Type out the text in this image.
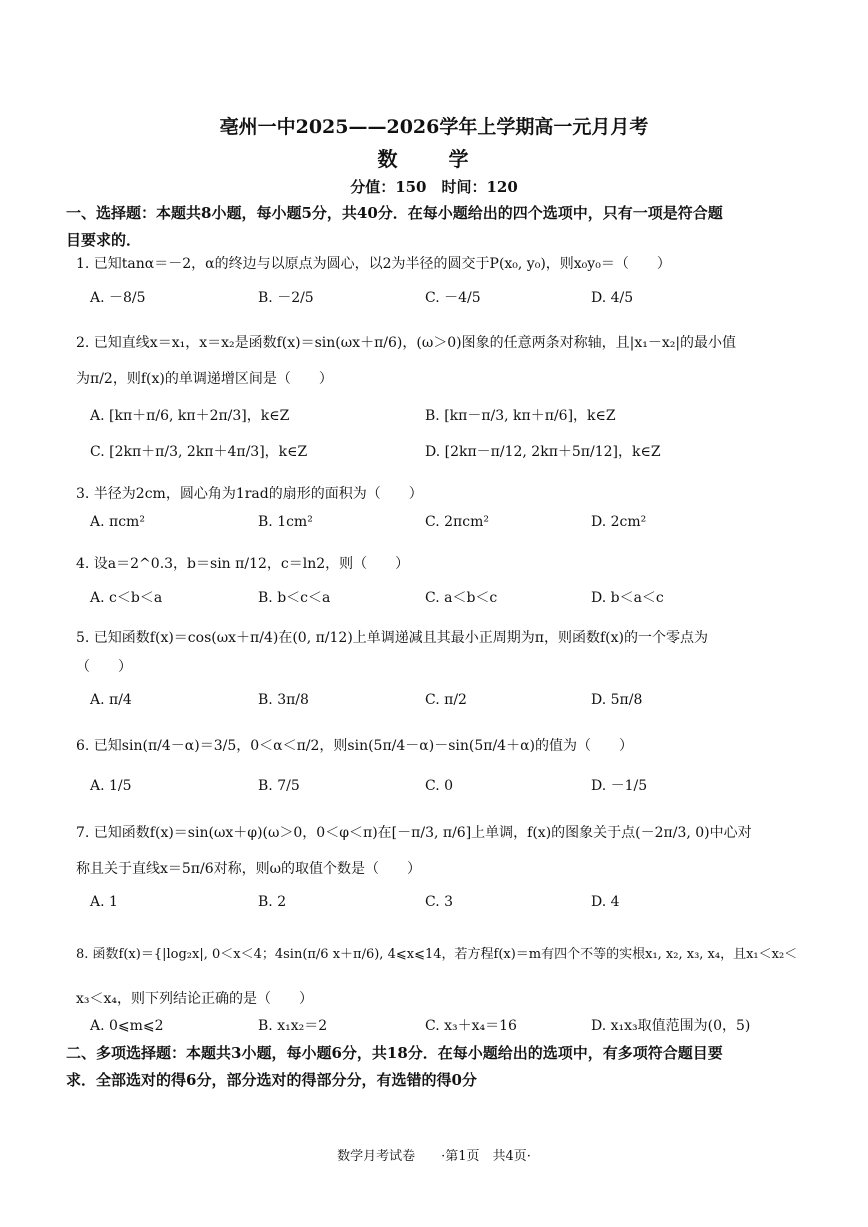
亳州一中2025——2026学年上学期高一元月月考
数 学
分值：150　时间：120
一、选择题：本题共8小题，每小题5分，共40分．在每小题给出的四个选项中，只有一项是符合题
目要求的．
1. 已知tanα＝－2，α的终边与以原点为圆心，以2为半径的圆交于P(x₀, y₀)，则x₀y₀＝（　　）
A. －8/5	B. －2/5	C. －4/5	D. 4/5
2. 已知直线x＝x₁，x＝x₂是函数f(x)＝sin(ωx＋π/6)，(ω＞0)图象的任意两条对称轴，且|x₁－x₂|的最小值
为π/2，则f(x)的单调递增区间是（　　）
A. [kπ＋π/6, kπ＋2π/3]，k∈Z	B. [kπ－π/3, kπ＋π/6]，k∈Z
C. [2kπ＋π/3, 2kπ＋4π/3]，k∈Z	D. [2kπ－π/12, 2kπ＋5π/12]，k∈Z
3. 半径为2cm，圆心角为1rad的扇形的面积为（　　）
A. πcm²	B. 1cm²	C. 2πcm²	D. 2cm²
4. 设a＝2^0.3，b＝sin π/12，c＝ln2，则（　　）
A. c＜b＜a	B. b＜c＜a	C. a＜b＜c	D. b＜a＜c
5. 已知函数f(x)＝cos(ωx＋π/4)在(0, π/12)上单调递减且其最小正周期为π，则函数f(x)的一个零点为
（　　）
A. π/4	B. 3π/8	C. π/2	D. 5π/8
6. 已知sin(π/4－α)＝3/5，0＜α＜π/2，则sin(5π/4－α)－sin(5π/4＋α)的值为（　　）
A. 1/5	B. 7/5	C. 0	D. －1/5
7. 已知函数f(x)＝sin(ωx＋φ)(ω＞0，0＜φ＜π)在[－π/3, π/6]上单调，f(x)的图象关于点(－2π/3, 0)中心对
称且关于直线x＝5π/6对称，则ω的取值个数是（　　）
A. 1	B. 2	C. 3	D. 4
8. 函数f(x)＝{|log₂x|, 0＜x＜4；4sin(π/6 x＋π/6), 4⩽x⩽14，若方程f(x)＝m有四个不等的实根x₁, x₂, x₃, x₄，且x₁＜x₂＜
x₃＜x₄，则下列结论正确的是（　　）
A. 0⩽m⩽2	B. x₁x₂＝2	C. x₃＋x₄＝16	D. x₁x₃取值范围为(0，5)
二、多项选择题：本题共3小题，每小题6分，共18分．在每小题给出的选项中，有多项符合题目要
求．全部选对的得6分，部分选对的得部分分，有选错的得0分
数学月考试卷　　·第1页　共4页·
